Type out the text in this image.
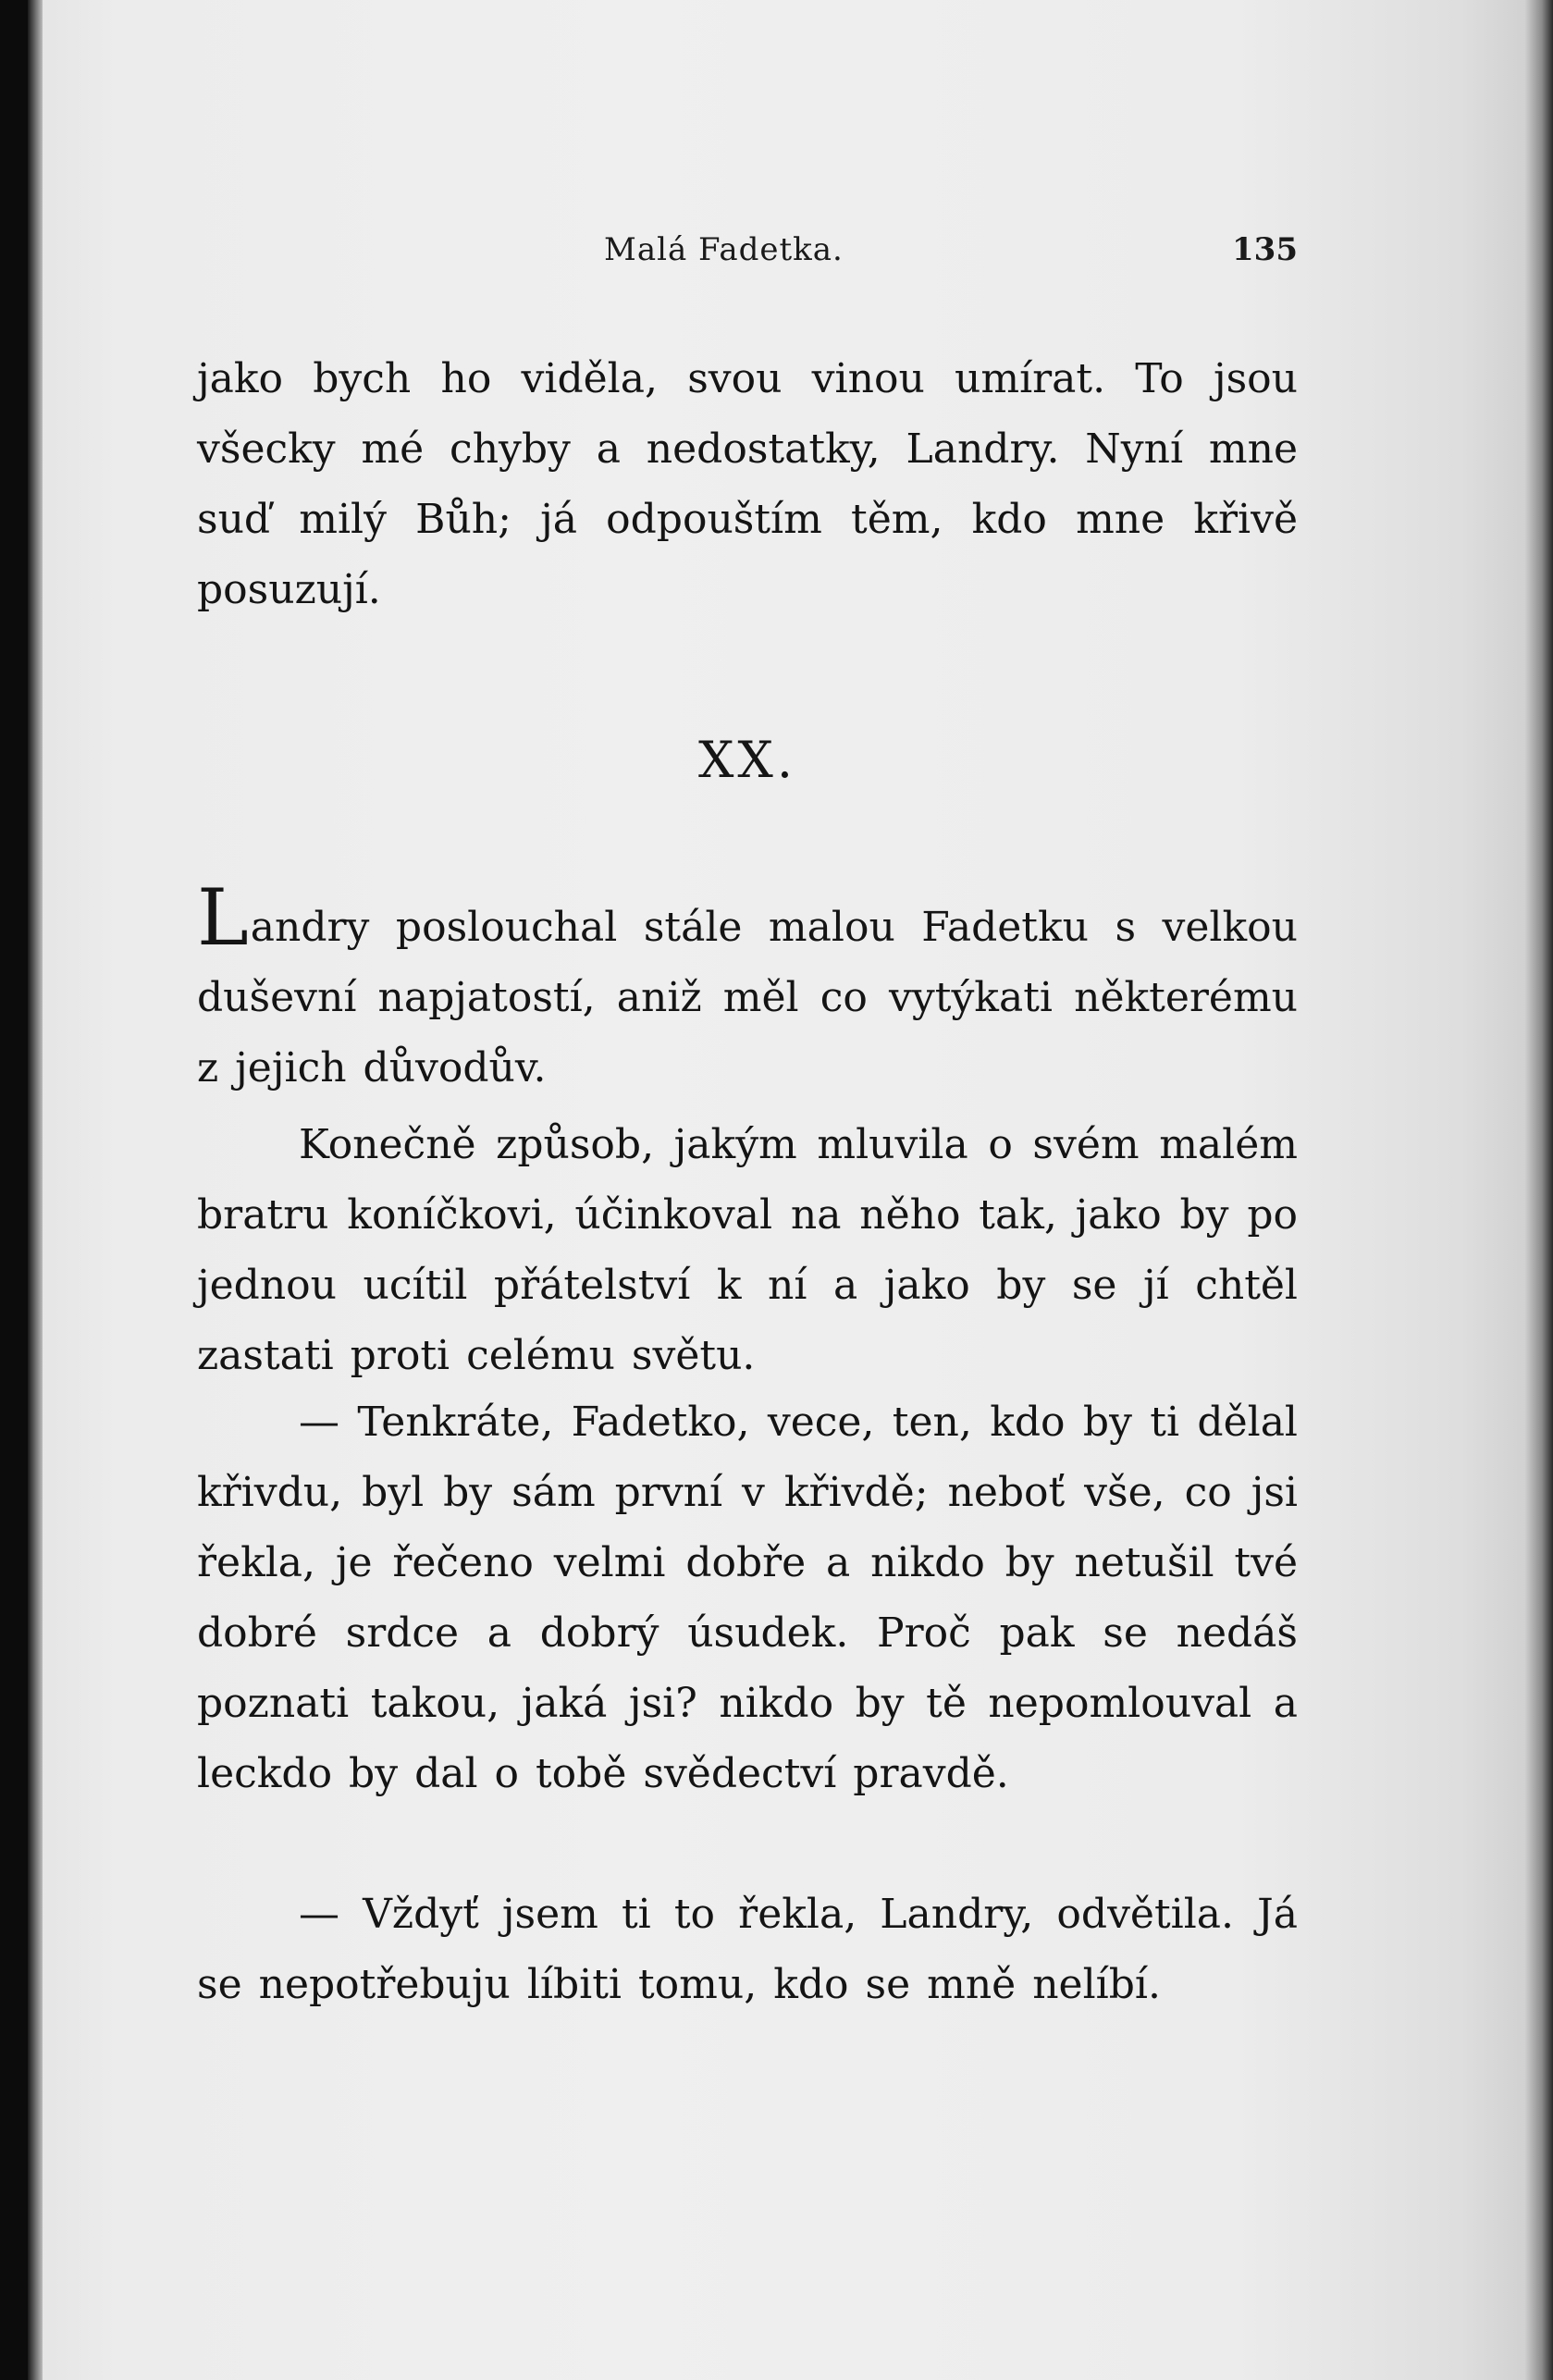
Malá Fadetka.	135

jako bych ho viděla, svou vinou umírat. To jsou všecky mé chyby a nedostatky, Landry. Nyní mne suď milý Bůh; já odpouštím těm, kdo mne křivě posuzují.

XX.

Landry poslouchal stále malou Fadetku s velkou duševní napjatostí, aniž měl co vytýkati některému z jejich důvodův.

Konečně způsob, jakým mluvila o svém malém bratru koníčkovi, účinkoval na něho tak, jako by po jednou ucítil přátelství k ní a jako by se jí chtěl zastati proti celému světu.

— Tenkráte, Fadetko, vece, ten, kdo by ti dělal křivdu, byl by sám první v křivdě; neboť vše, co jsi řekla, je řečeno velmi dobře a nikdo by netušil tvé dobré srdce a dobrý úsudek. Proč pak se nedáš poznati takou, jaká jsi? nikdo by tě nepomlouval a leckdo by dal o tobě svědectví pravdě.

— Vždyť jsem ti to řekla, Landry, odvětila. Já se nepotřebuju líbiti tomu, kdo se mně nelíbí.
